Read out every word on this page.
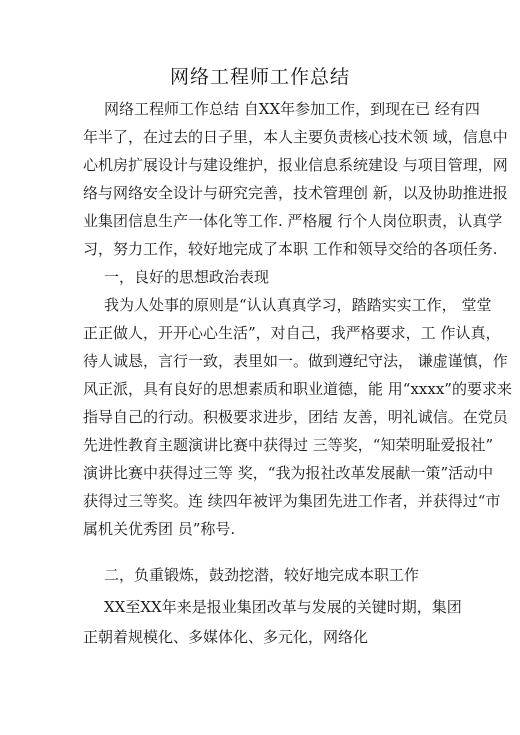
网络工程师工作总结
网络工程师工作总结 自XX年参加工作，到现在已 经有四
年半了，在过去的日子里，本人主要负责核心技术领 域，信息中
心机房扩展设计与建设维护，报业信息系统建设 与项目管理，网
络与网络安全设计与研究完善，技术管理创 新，以及协助推进报
业集团信息生产一体化等工作. 严格履 行个人岗位职责，认真学
习，努力工作，较好地完成了本职 工作和领导交给的各项任务.
一，良好的思想政治表现
我为人处事的原则是“认认真真学习，踏踏实实工作， 堂堂
正正做人，开开心心生活”，对自己，我严格要求，工 作认真，
待人诚恳，言行一致，表里如一。做到遵纪守法， 谦虚谨慎，作
风正派，具有良好的思想素质和职业道德，能 用“xxxx”的要求来
指导自己的行动。积极要求进步，团结 友善，明礼诚信。在党员
先进性教育主题演讲比赛中获得过 三等奖，“知荣明耻爱报社”
演讲比赛中获得过三等 奖，“我为报社改革发展献一策”活动中
获得过三等奖。连 续四年被评为集团先进工作者，并获得过“市
属机关优秀团 员”称号.
二，负重锻炼，鼓劲挖潜，较好地完成本职工作
XX至XX年来是报业集团改革与发展的关键时期，集团
正朝着规模化、多媒体化、多元化，网络化
